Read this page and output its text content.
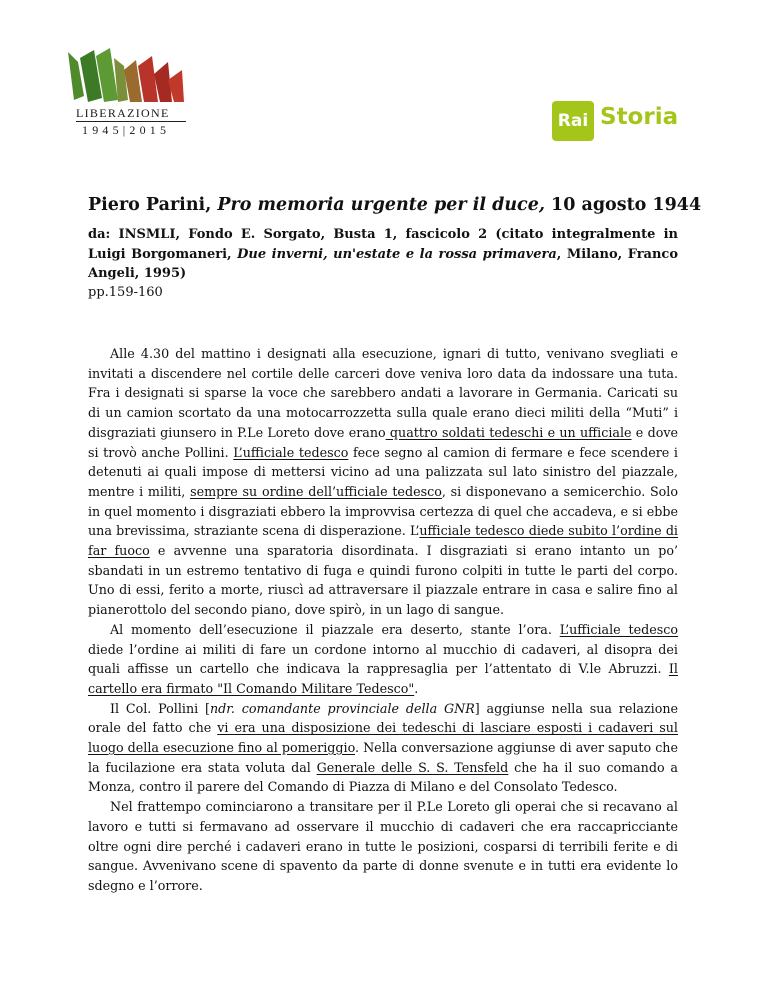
LIBERAZIONE
1945|2015	Rai Storia
Piero Parini, Pro memoria urgente per il duce, 10 agosto 1944
da: INSMLI, Fondo E. Sorgato, Busta 1, fascicolo 2 (citato integralmente in Luigi Borgomaneri, Due inverni, un'estate e la rossa primavera, Milano, Franco Angeli, 1995)
pp.159-160

Alle 4.30 del mattino i designati alla esecuzione, ignari di tutto, venivano svegliati e invitati a discendere nel cortile delle carceri dove veniva loro data da indossare una tuta. Fra i designati si sparse la voce che sarebbero andati a lavorare in Germania. Caricati su di un camion scortato da una motocarrozzetta sulla quale erano dieci militi della “Muti” i disgraziati giunsero in P.Le Loreto dove erano quattro soldati tedeschi e un ufficiale e dove si trovò anche Pollini. L’ufficiale tedesco fece segno al camion di fermare e fece scendere i detenuti ai quali impose di mettersi vicino ad una palizzata sul lato sinistro del piazzale, mentre i militi, sempre su ordine dell’ufficiale tedesco, si disponevano a semicerchio. Solo in quel momento i disgraziati ebbero la improvvisa certezza di quel che accadeva, e si ebbe una brevissima, straziante scena di disperazione. L’ufficiale tedesco diede subito l’ordine di far fuoco e avvenne una sparatoria disordinata. I disgraziati si erano intanto un po’ sbandati in un estremo tentativo di fuga e quindi furono colpiti in tutte le parti del corpo. Uno di essi, ferito a morte, riuscì ad attraversare il piazzale entrare in casa e salire fino al pianerottolo del secondo piano, dove spirò, in un lago di sangue.

Al momento dell’esecuzione il piazzale era deserto, stante l’ora. L’ufficiale tedesco diede l’ordine ai militi di fare un cordone intorno al mucchio di cadaveri, al disopra dei quali affisse un cartello che indicava la rappresaglia per l’attentato di V.le Abruzzi. Il cartello era firmato "Il Comando Militare Tedesco".

Il Col. Pollini [ndr. comandante provinciale della GNR] aggiunse nella sua relazione orale del fatto che vi era una disposizione dei tedeschi di lasciare esposti i cadaveri sul luogo della esecuzione fino al pomeriggio. Nella conversazione aggiunse di aver saputo che la fucilazione era stata voluta dal Generale delle S. S. Tensfeld che ha il suo comando a Monza, contro il parere del Comando di Piazza di Milano e del Consolato Tedesco.

Nel frattempo cominciarono a transitare per il P.Le Loreto gli operai che si recavano al lavoro e tutti si fermavano ad osservare il mucchio di cadaveri che era raccapricciante oltre ogni dire perché i cadaveri erano in tutte le posizioni, cosparsi di terribili ferite e di sangue. Avvenivano scene di spavento da parte di donne svenute e in tutti era evidente lo sdegno e l’orrore.
